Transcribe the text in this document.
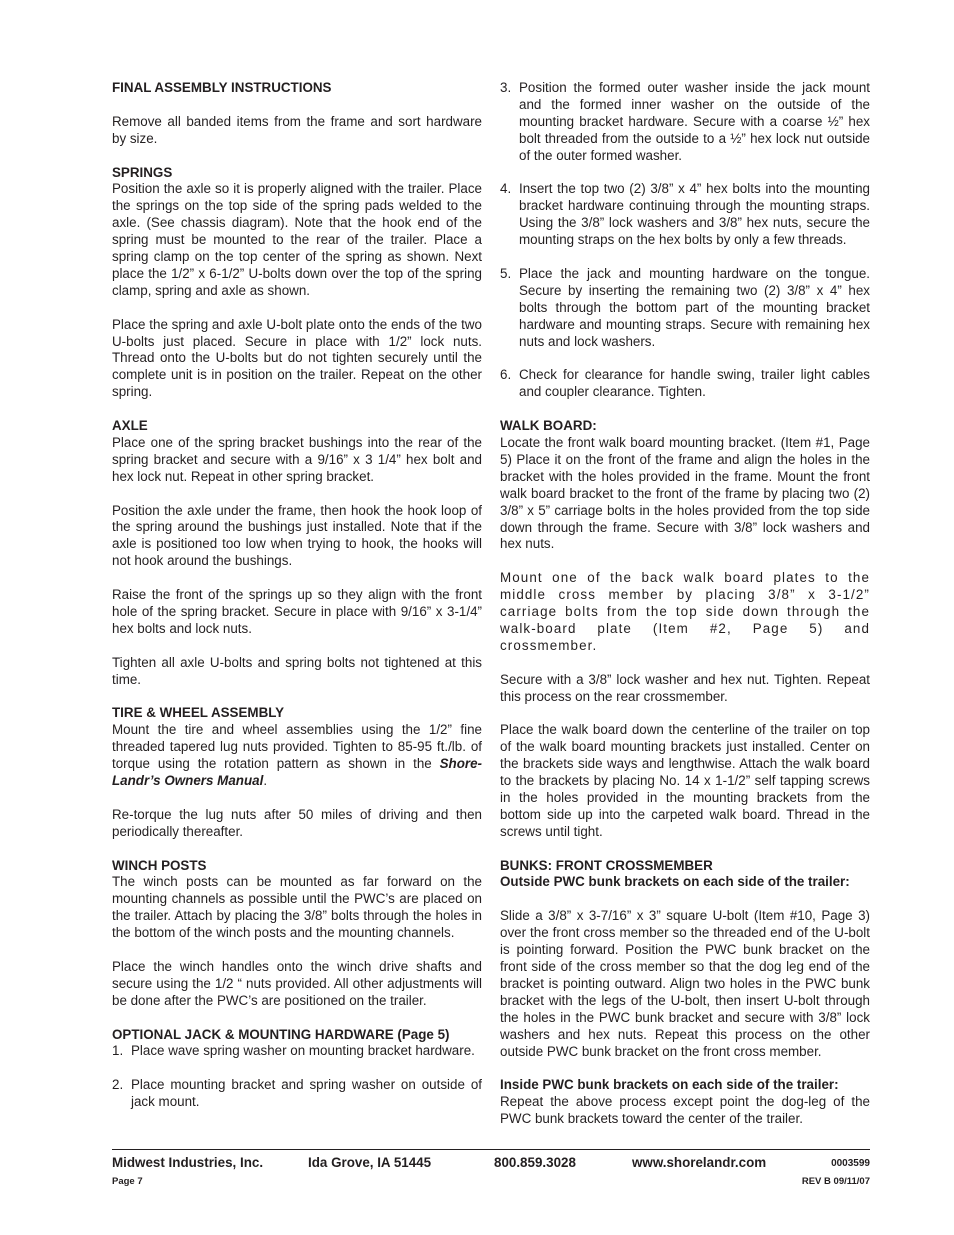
FINAL ASSEMBLY INSTRUCTIONS

Remove all banded items from the frame and sort hardware by size.

SPRINGS

Position the axle so it is properly aligned with the trailer. Place the springs on the top side of the spring pads welded to the axle. (See chassis diagram). Note that the hook end of the spring must be mounted to the rear of the trailer. Place a spring clamp on the top center of the spring as shown. Next place the 1/2” x 6-1/2” U-bolts down over the top of the spring clamp, spring and axle as shown.

Place the spring and axle U-bolt plate onto the ends of the two U-bolts just placed. Secure in place with 1/2” lock nuts. Thread onto the U-bolts but do not tighten securely until the complete unit is in position on the trailer. Repeat on the other spring.

AXLE

Place one of the spring bracket bushings into the rear of the spring bracket and secure with a 9/16” x 3 1/4” hex bolt and hex lock nut. Repeat in other spring bracket.

Position the axle under the frame, then hook the hook loop of the spring around the bushings just installed. Note that if the axle is positioned too low when trying to hook, the hooks will not hook around the bushings.

Raise the front of the springs up so they align with the front hole of the spring bracket. Secure in place with 9/16” x 3-1/4” hex bolts and lock nuts.

Tighten all axle U-bolts and spring bolts not tightened at this time.

TIRE & WHEEL ASSEMBLY

Mount the tire and wheel assemblies using the 1/2” fine threaded tapered lug nuts provided. Tighten to 85-95 ft./lb. of torque using the rotation pattern as shown in the Shore-Landr’s Owners Manual.

Re-torque the lug nuts after 50 miles of driving and then periodically thereafter.

WINCH POSTS

The winch posts can be mounted as far forward on the mounting channels as possible until the PWC’s are placed on the trailer. Attach by placing the 3/8” bolts through the holes in the bottom of the winch posts and the mounting channels.

Place the winch handles onto the winch drive shafts and secure using the 1/2 “ nuts provided. All other adjustments will be done after the PWC’s are positioned on the trailer.

OPTIONAL JACK & MOUNTING HARDWARE (Page 5)

1. Place wave spring washer on mounting bracket hardware.
2. Place mounting bracket and spring washer on outside of jack mount.
3. Position the formed outer washer inside the jack mount and the formed inner washer on the outside of the mounting bracket hardware. Secure with a coarse ½” hex bolt threaded from the outside to a ½” hex lock nut outside of the outer formed washer.
4. Insert the top two (2) 3/8” x 4” hex bolts into the mounting bracket hardware continuing through the mounting straps. Using the 3/8” lock washers and 3/8” hex nuts, secure the mounting straps on the hex bolts by only a few threads.
5. Place the jack and mounting hardware on the tongue. Secure by inserting the remaining two (2) 3/8” x 4” hex bolts through the bottom part of the mounting bracket hardware and mounting straps. Secure with remaining hex nuts and lock washers.
6. Check for clearance for handle swing, trailer light cables and coupler clearance. Tighten.

WALK BOARD:

Locate the front walk board mounting bracket. (Item #1, Page 5) Place it on the front of the frame and align the holes in the bracket with the holes provided in the frame. Mount the front walk board bracket to the front of the frame by placing two (2) 3/8” x 5” carriage bolts in the holes provided from the top side down through the frame. Secure with 3/8” lock washers and hex nuts.

Mount one of the back walk board plates to the middle cross member by placing 3/8” x 3-1/2” carriage bolts from the top side down through the walk-board plate (Item #2, Page 5) and crossmember.

Secure with a 3/8” lock washer and hex nut. Tighten. Repeat this process on the rear crossmember.

Place the walk board down the centerline of the trailer on top of the walk board mounting brackets just installed. Center on the brackets side ways and lengthwise. Attach the walk board to the brackets by placing No. 14 x 1-1/2” self tapping screws in the holes provided in the mounting brackets from the bottom side up into the carpeted walk board. Thread in the screws until tight.

BUNKS: FRONT CROSSMEMBER

Outside PWC bunk brackets on each side of the trailer:

Slide a 3/8” x 3-7/16” x 3” square U-bolt (Item #10, Page 3) over the front cross member so the threaded end of the U-bolt is pointing forward. Position the PWC bunk bracket on the front side of the cross member so that the dog leg end of the bracket is pointing outward. Align two holes in the PWC bunk bracket with the legs of the U-bolt, then insert U-bolt through the holes in the PWC bunk bracket and secure with 3/8” lock washers and hex nuts. Repeat this process on the other outside PWC bunk bracket on the front cross member.

Inside PWC bunk brackets on each side of the trailer:

Repeat the above process except point the dog-leg of the PWC bunk brackets toward the center of the trailer.

Midwest Industries, Inc.	Ida Grove, IA 51445	800.859.3028	www.shorelandr.com	0003599
Page 7	REV B 09/11/07
